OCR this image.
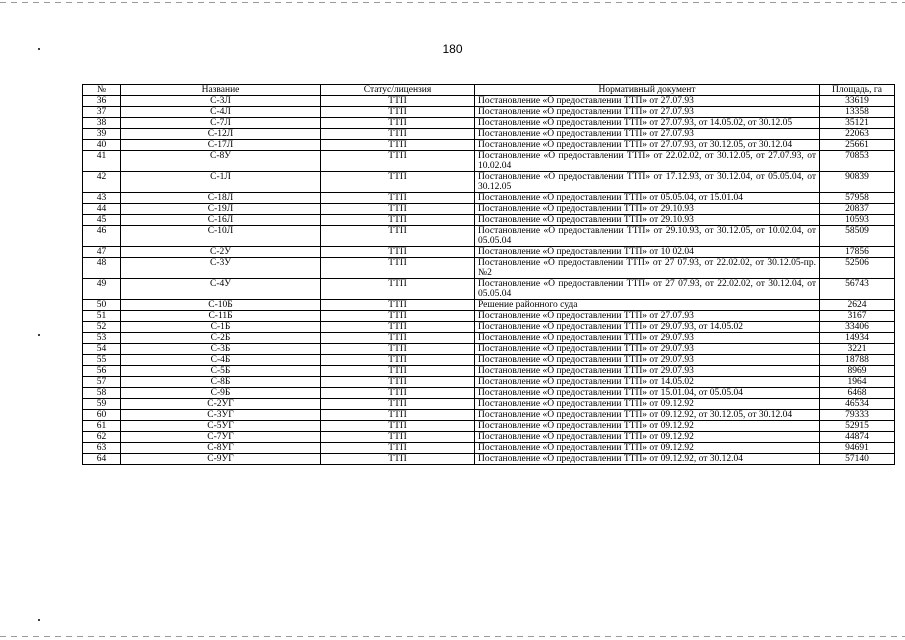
180
№	Название	Статус/лицензия	Нормативный документ	Площадь, га
36	С-3Л	ТТП	Постановление «О предоставлении ТТП» от 27.07.93	33619
37	С-4Л	ТТП	Постановление «О предоставлении ТТП» от 27.07.93	13358
38	С-7Л	ТТП	Постановление «О предоставлении ТТП» от 27.07.93, от 14.05.02, от 30.12.05	35121
39	С-12Л	ТТП	Постановление «О предоставлении ТТП» от 27.07.93	22063
40	С-17Л	ТТП	Постановление «О предоставлении ТТП» от 27.07.93, от 30.12.05, от 30.12.04	25661
41	С-8У	ТТП	Постановление «О предоставлении ТТП» от 22.02.02, от 30.12.05, от 27.07.93, от 10.02.04	70853
42	С-1Л	ТТП	Постановление «О предоставлении ТТП» от 17.12.93, от 30.12.04, от 05.05.04, от 30.12.05	90839
43	С-18Л	ТТП	Постановление «О предоставлении ТТП» от 05.05.04, от 15.01.04	57958
44	С-19Л	ТТП	Постановление «О предоставлении ТТП» от 29.10.93	20837
45	С-16Л	ТТП	Постановление «О предоставлении ТТП» от 29.10.93	10593
46	С-10Л	ТТП	Постановление «О предоставлении ТТП» от 29.10.93, от 30.12.05, от 10.02.04, от 05.05.04	58509
47	С-2У	ТТП	Постановление «О предоставлении ТТП» от 10 02.04	17856
48	С-3У	ТТП	Постановление «О предоставлении ТТП» от 27 07.93, от 22.02.02, от 30.12.05-пр.№2	52506
49	С-4У	ТТП	Постановление «О предоставлении ТТП» от 27 07.93, от 22.02.02, от 30.12.04, от 05.05.04	56743
50	С-10Б	ТТП	Решение районного суда	2624
51	С-11Б	ТТП	Постановление «О предоставлении ТТП» от 27.07.93	3167
52	С-1Б	ТТП	Постановление «О предоставлении ТТП» от 29.07.93, от 14.05.02	33406
53	С-2Б	ТТП	Постановление «О предоставлении ТТП» от 29.07.93	14934
54	С-3Б	ТТП	Постановление «О предоставлении ТТП» от 29.07.93	3221
55	С-4Б	ТТП	Постановление «О предоставлении ТТП» от 29.07.93	18788
56	С-5Б	ТТП	Постановление «О предоставлении ТТП» от 29.07.93	8969
57	С-8Б	ТТП	Постановление «О предоставлении ТТП» от 14.05.02	1964
58	С-9Б	ТТП	Постановление «О предоставлении ТТП» от 15.01.04, от 05.05.04	6468
59	С-2УГ	ТТП	Постановление «О предоставлении ТТП» от 09.12.92	46534
60	С-3УГ	ТТП	Постановление «О предоставлении ТТП» от 09.12.92, от 30.12.05, от 30.12.04	79333
61	С-5УГ	ТТП	Постановление «О предоставлении ТТП» от 09.12.92	52915
62	С-7УГ	ТТП	Постановление «О предоставлении ТТП» от 09.12.92	44874
63	С-8УГ	ТТП	Постановление «О предоставлении ТТП» от 09.12.92	94691
64	С-9УГ	ТТП	Постановление «О предоставлении ТТП» от 09.12.92, от 30.12.04	57140
